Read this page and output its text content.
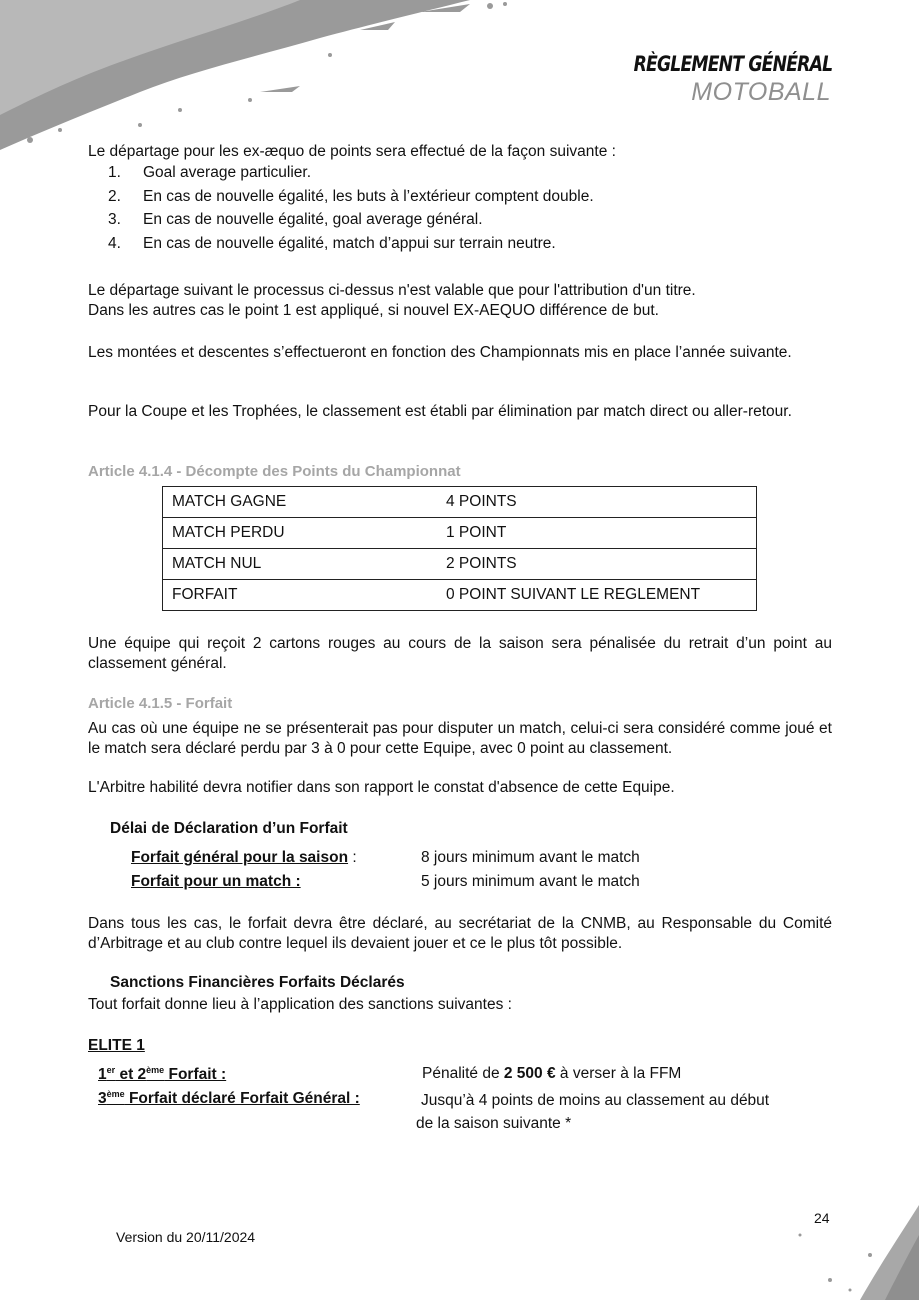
RÈGLEMENT GÉNÉRAL
MOTOBALL

Le départage pour les ex-æquo de points sera effectué de la façon suivante :

1. Goal average particulier.
2. En cas de nouvelle égalité, les buts à l’extérieur comptent double.
3. En cas de nouvelle égalité, goal average général.
4. En cas de nouvelle égalité, match d’appui sur terrain neutre.

Le départage suivant le processus ci-dessus n'est valable que pour l'attribution d'un titre.
Dans les autres cas le point 1 est appliqué, si nouvel EX-AEQUO différence de but.

Les montées et descentes s’effectueront en fonction des Championnats mis en place l’année suivante.

Pour la Coupe et les Trophées, le classement est établi par élimination par match direct ou aller-retour.

Article 4.1.4 - Décompte des Points du Championnat
MATCH GAGNE	4 POINTS
MATCH PERDU	1 POINT
MATCH NUL	2 POINTS
FORFAIT	0 POINT SUIVANT LE REGLEMENT

Une équipe qui reçoit 2 cartons rouges au cours de la saison sera pénalisée du retrait d’un point au classement général.

Article 4.1.5 - Forfait

Au cas où une équipe ne se présenterait pas pour disputer un match, celui-ci sera considéré comme joué et le match sera déclaré perdu par 3 à 0 pour cette Equipe, avec 0 point au classement.

L'Arbitre habilité devra notifier dans son rapport le constat d'absence de cette Equipe.

Délai de Déclaration d’un Forfait
Forfait général pour la saison :	8 jours minimum avant le match
Forfait pour un match :	5 jours minimum avant le match

Dans tous les cas, le forfait devra être déclaré, au secrétariat de la CNMB, au Responsable du Comité d’Arbitrage et au club contre lequel ils devaient jouer et ce le plus tôt possible.

Sanctions Financières Forfaits Déclarés
Tout forfait donne lieu à l’application des sanctions suivantes :
ELITE 1
1er et 2ème Forfait :	Pénalité de 2 500 € à verser à la FFM
3ème Forfait déclaré Forfait Général :	Jusqu’à 4 points de moins au classement au début
de la saison suivante *
24
Version du 20/11/2024
